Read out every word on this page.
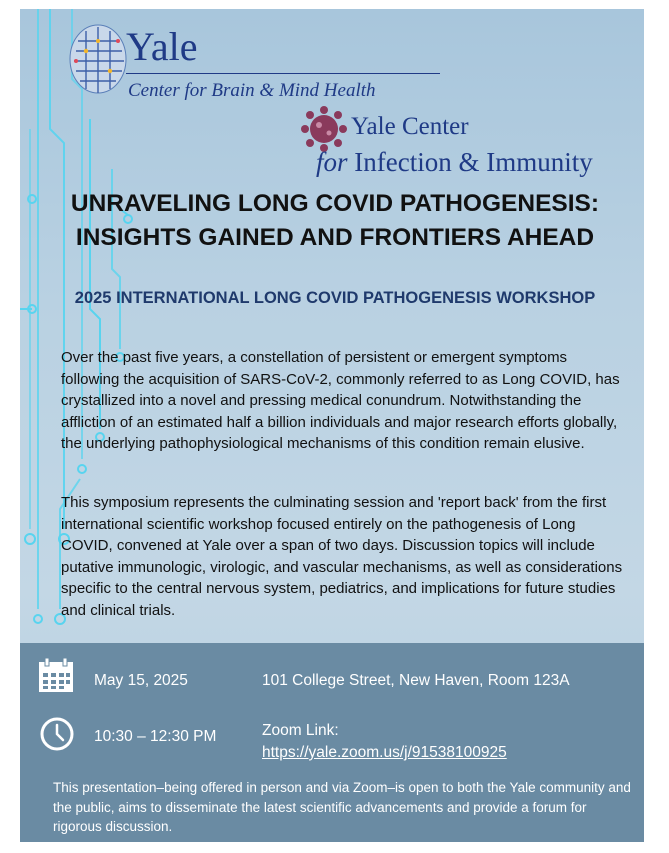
Yale

Center for Brain & Mind Health

Yale Center

for Infection & Immunity

UNRAVELING LONG COVID PATHOGENESIS:
INSIGHTS GAINED AND FRONTIERS AHEAD
2025 INTERNATIONAL LONG COVID PATHOGENESIS WORKSHOP

Over the past five years, a constellation of persistent or emergent symptoms following the acquisition of SARS-CoV-2, commonly referred to as Long COVID, has crystallized into a novel and pressing medical conundrum. Notwithstanding the affliction of an estimated half a billion individuals and major research efforts globally, the underlying pathophysiological mechanisms of this condition remain elusive.

This symposium represents the culminating session and 'report back' from the first international scientific workshop focused entirely on the pathogenesis of Long COVID, convened at Yale over a span of two days. Discussion topics will include putative immunologic, virologic, and vascular mechanisms, as well as considerations specific to the central nervous system, pediatrics, and implications for future studies and clinical trials.

May 15, 2025	101 College Street, New Haven, Room 123A

10:30 – 12:30 PM	Zoom Link:

https://yale.zoom.us/j/91538100925

This presentation–being offered in person and via Zoom–is open to both the Yale community and the public, aims to disseminate the latest scientific advancements and provide a forum for rigorous discussion.
